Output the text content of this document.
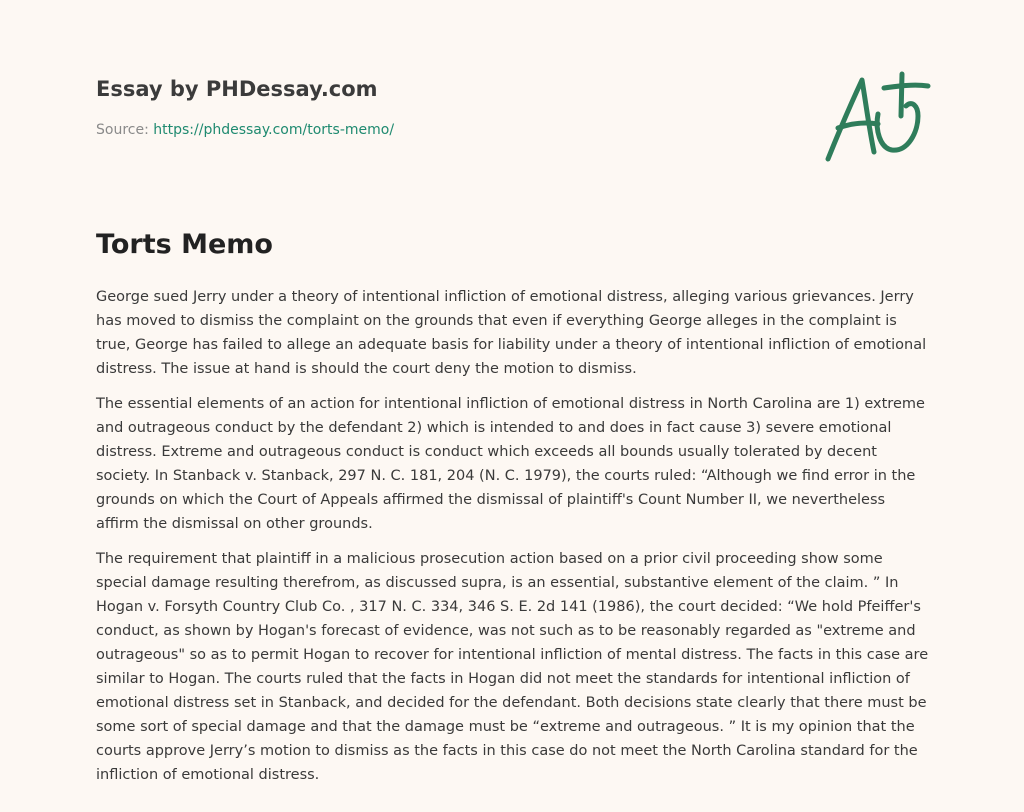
Essay by PHDessay.com
Source: https://phdessay.com/torts-memo/
Torts Memo

George sued Jerry under a theory of intentional infliction of emotional distress, alleging various grievances. Jerry has moved to dismiss the complaint on the grounds that even if everything George alleges in the complaint is true, George has failed to allege an adequate basis for liability under a theory of intentional infliction of emotional distress. The issue at hand is should the court deny the motion to dismiss.

The essential elements of an action for intentional infliction of emotional distress in North Carolina are 1) extreme and outrageous conduct by the defendant 2) which is intended to and does in fact cause 3) severe emotional distress. Extreme and outrageous conduct is conduct which exceeds all bounds usually tolerated by decent society. In Stanback v. Stanback, 297 N. C. 181, 204 (N. C. 1979), the courts ruled: “Although we find error in the grounds on which the Court of Appeals affirmed the dismissal of plaintiff's Count Number II, we nevertheless affirm the dismissal on other grounds.

The requirement that plaintiff in a malicious prosecution action based on a prior civil proceeding show some special damage resulting therefrom, as discussed supra, is an essential, substantive element of the claim. ” In Hogan v. Forsyth Country Club Co. , 317 N. C. 334, 346 S. E. 2d 141 (1986), the court decided: “We hold Pfeiffer's conduct, as shown by Hogan's forecast of evidence, was not such as to be reasonably regarded as "extreme and outrageous" so as to permit Hogan to recover for intentional infliction of mental distress. The facts in this case are similar to Hogan. The courts ruled that the facts in Hogan did not meet the standards for intentional infliction of emotional distress set in Stanback, and decided for the defendant. Both decisions state clearly that there must be some sort of special damage and that the damage must be “extreme and outrageous. ” It is my opinion that the courts approve Jerry’s motion to dismiss as the facts in this case do not meet the North Carolina standard for the infliction of emotional distress.
